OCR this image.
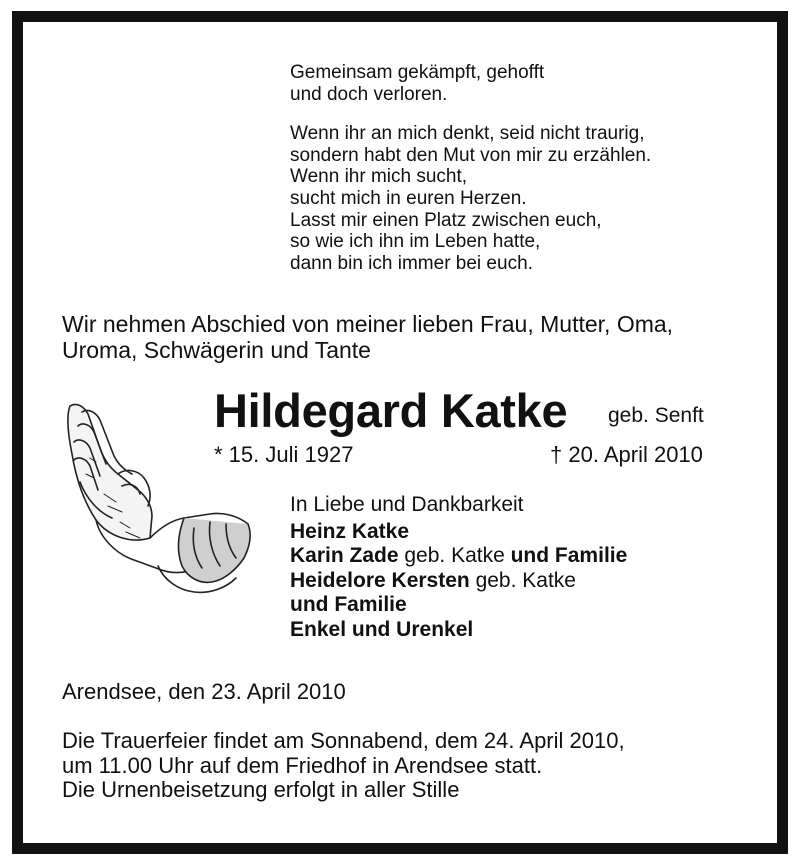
Gemeinsam gekämpft, gehofft

und doch verloren.

Wenn ihr an mich denkt, seid nicht traurig,

sondern habt den Mut von mir zu erzählen.

Wenn ihr mich sucht,

sucht mich in euren Herzen.

Lasst mir einen Platz zwischen euch,

so wie ich ihn im Leben hatte,

dann bin ich immer bei euch.

Wir nehmen Abschied von meiner lieben Frau, Mutter, Oma, Uroma, Schwägerin und Tante
Hildegard Katke geb. Senft
* 15. Juli 1927	† 20. April 2010
In Liebe und Dankbarkeit
Heinz Katke
Karin Zade geb. Katke und Familie
Heidelore Kersten geb. Katke
und Familie
Enkel und Urenkel
Arendsee, den 23. April 2010

Die Trauerfeier findet am Sonnabend, dem 24. April 2010,

um 11.00 Uhr auf dem Friedhof in Arendsee statt.

Die Urnenbeisetzung erfolgt in aller Stille
